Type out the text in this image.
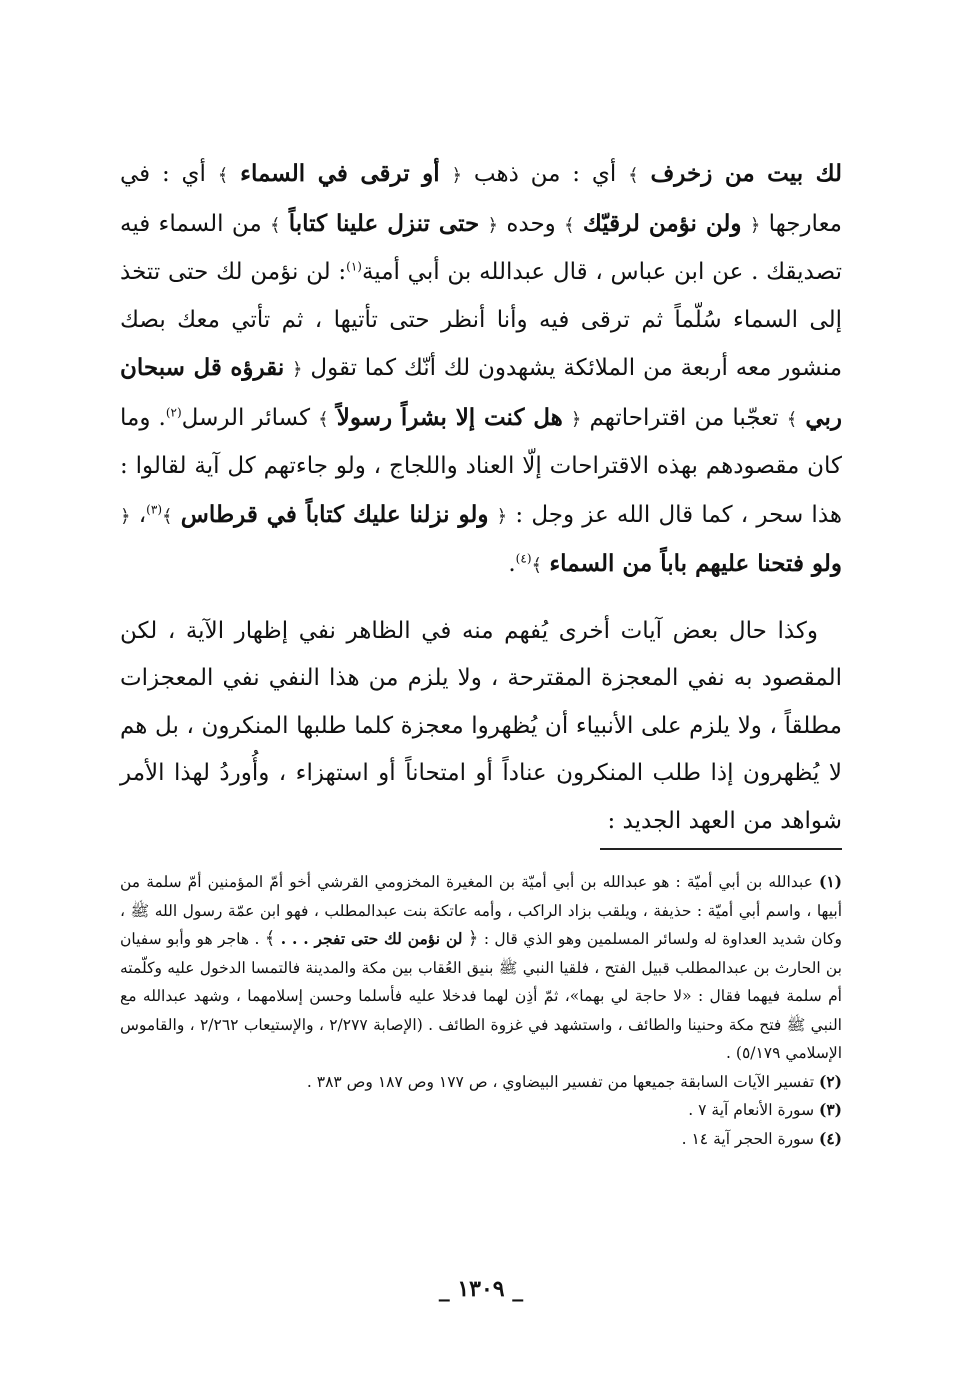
لك بيت من زخرف ﴾ أي : من ذهب ﴿ أو ترقى في السماء ﴾ أي : في معارجها ﴿ ولن نؤمن لرقيّك ﴾ وحده ﴿ حتى تنزل علينا كتاباً ﴾ من السماء فيه تصديقك . عن ابن عباس ، قال عبدالله بن أبي أمية$^{(١)}$: لن نؤمن لك حتى تتخذ إلى السماء سُلّماً ثم ترقى فيه وأنا أنظر حتى تأتيها ، ثم تأتي معك بصك منشور معه أربعة من الملائكة يشهدون لك أنّك كما تقول ﴿ نقرؤه قل سبحان ربي ﴾ تعجّبا من اقتراحاتهم ﴿ هل كنت إلا بشراً رسولاً ﴾ كسائر الرسل$^{(٢)}$. وما كان مقصودهم بهذه الاقتراحات إلّا العناد واللجاج ، ولو جاءتهم كل آية لقالوا : هذا سحر ، كما قال الله عز وجل : ﴿ ولو نزلنا عليك كتاباً في قرطاس ﴾$^{(٣)}$، ﴿ ولو فتحنا عليهم باباً من السماء ﴾$^{(٤)}$.

وكذا حال بعض آيات أخرى يُفهم منه في الظاهر نفي إظهار الآية ، لكن المقصود به نفي المعجزة المقترحة ، ولا يلزم من هذا النفي نفي المعجزات مطلقاً ، ولا يلزم على الأنبياء أن يُظهروا معجزة كلما طلبها المنكرون ، بل هم لا يُظهرون إذا طلب المنكرون عناداً أو امتحاناً أو استهزاء ، وأُوردُ لهذا الأمر شواهد من العهد الجديد :

(١) عبدالله بن أبي أميّة : هو عبدالله بن أبي أميّة بن المغيرة المخزومي القرشي أخو أمّ المؤمنين أمّ سلمة من أبيها ، واسم أبي أميّة : حذيفة ، ويلقب بزاد الراكب ، وأمه عاتكة بنت عبدالمطلب ، فهو ابن عمّة رسول الله ﷺ ، وكان شديد العداوة له ولسائر المسلمين وهو الذي قال : ﴿ لن نؤمن لك حتى تفجر . . . ﴾ . هاجر هو وأبو سفيان بن الحارث بن عبدالمطلب قبيل الفتح ، فلقيا النبي ﷺ بنيق العُقاب بين مكة والمدينة فالتمسا الدخول عليه وكلّمته أم سلمة فيهما فقال : «لا حاجة لي بهما»، ثمّ أذِن لهما فدخلا عليه فأسلما وحسن إسلامهما ، وشهد عبدالله مع النبي ﷺ فتح مكة وحنينا والطائف ، واستشهد في غزوة الطائف . (الإصابة ٢/٢٧٧ ، والإستيعاب ٢/٢٦٢ ، والقاموس الإسلامي ٥/١٧٩) .

(٢) تفسير الآيات السابقة جميعها من تفسير البيضاوي ، ص ١٧٧ وص ١٨٧ وص ٣٨٣ .

(٣) سورة الأنعام آية ٧ .

(٤) سورة الحجر آية ١٤ .

_ ١٣٠٩ _
